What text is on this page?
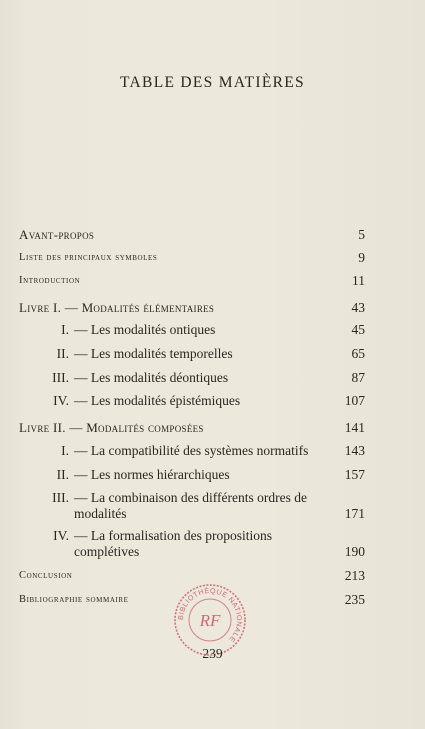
TABLE DES MATIÈRES
Avant-propos	5
Liste des principaux symboles	9
Introduction	11
Livre I. — Modalités élémentaires	43
I. — Les modalités ontiques	45
II. — Les modalités temporelles	65
III. — Les modalités déontiques	87
IV. — Les modalités épistémiques	107
Livre II. — Modalités composées	141
I. — La compatibilité des systèmes normatifs	143
II. — Les normes hiérarchiques	157
III. — La combinaison des différents ordres de modalités	171
IV. — La formalisation des propositions complétives	190
Conclusion	213
Bibliographie sommaire	235
BIBLIOTHÈQUE NATIONALE
RF
239
